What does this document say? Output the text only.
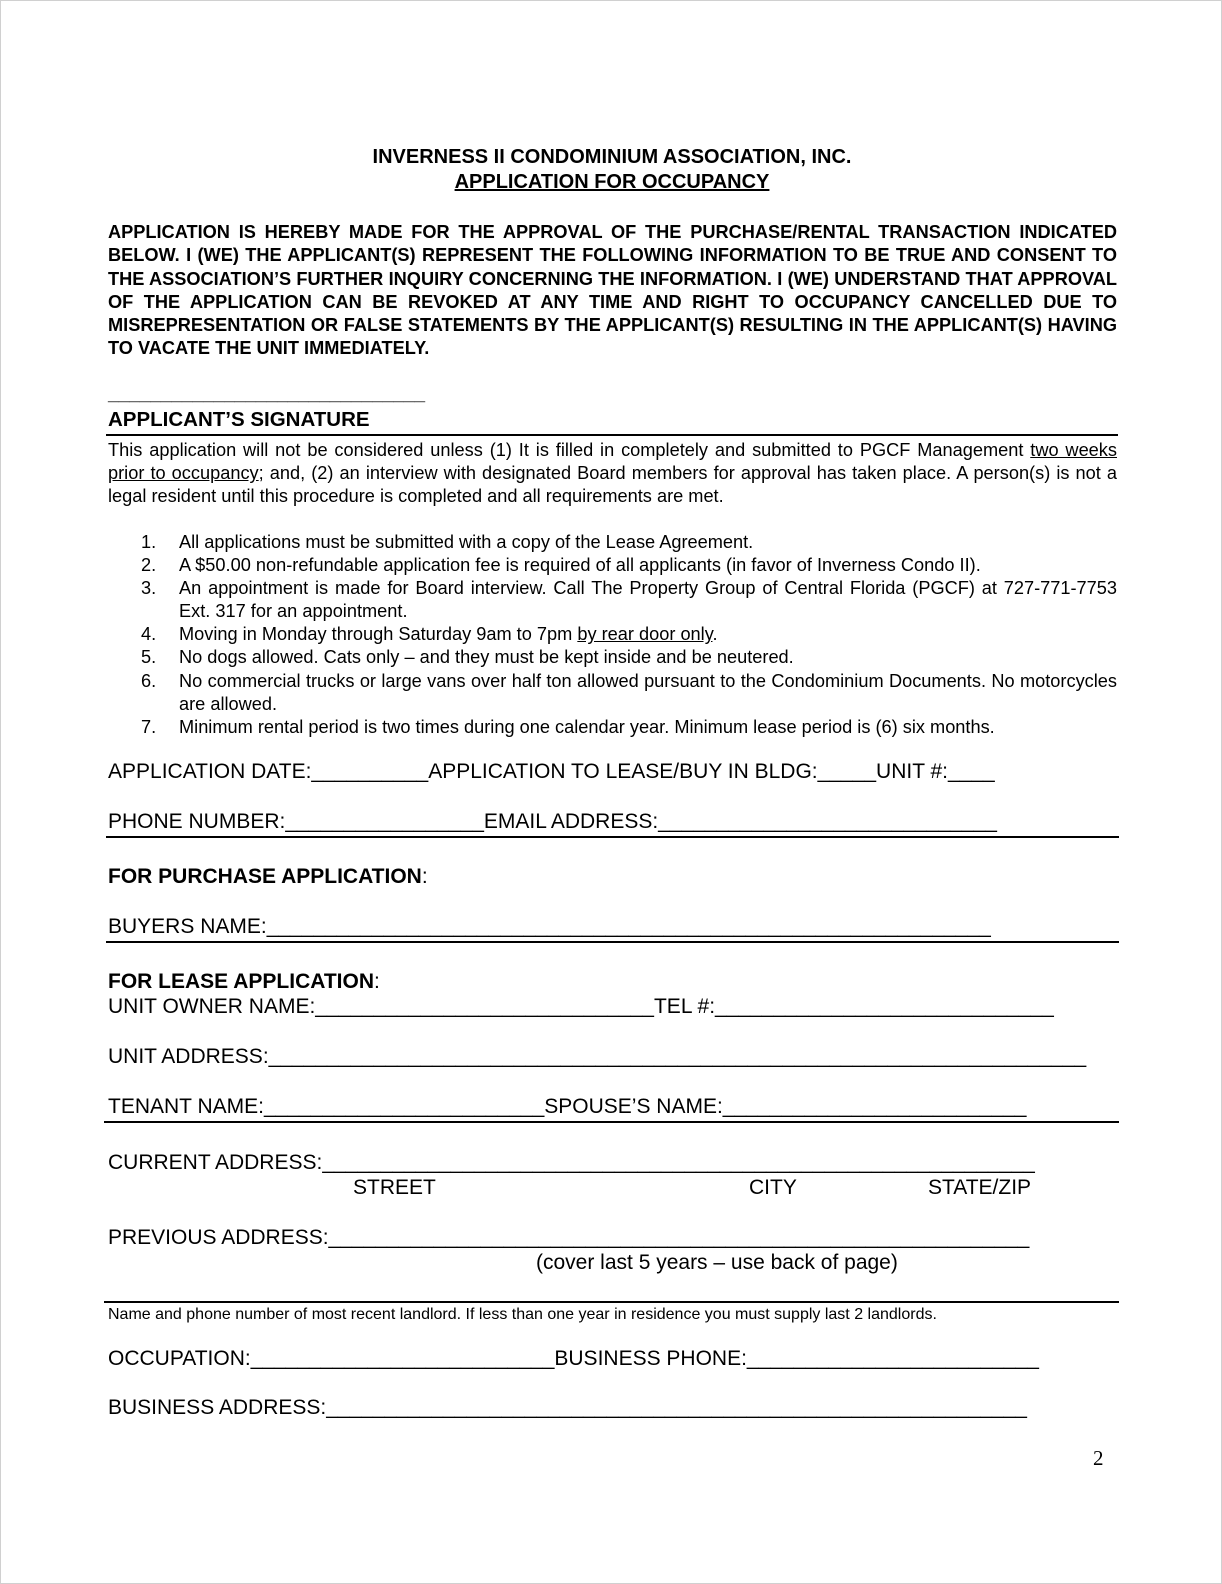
INVERNESS II CONDOMINIUM ASSOCIATION, INC.
APPLICATION FOR OCCUPANCY
APPLICATION IS HEREBY MADE FOR THE APPROVAL OF THE PURCHASE/RENTAL TRANSACTION INDICATED BELOW. I (WE) THE APPLICANT(S) REPRESENT THE FOLLOWING INFORMATION TO BE TRUE AND CONSENT TO THE ASSOCIATION’S FURTHER INQUIRY CONCERNING THE INFORMATION. I (WE) UNDERSTAND THAT APPROVAL OF THE APPLICATION CAN BE REVOKED AT ANY TIME AND RIGHT TO OCCUPANCY CANCELLED DUE TO MISREPRESENTATION OR FALSE STATEMENTS BY THE APPLICANT(S) RESULTING IN THE APPLICANT(S) HAVING TO VACATE THE UNIT IMMEDIATELY.
______________________________
APPLICANT’S SIGNATURE
This application will not be considered unless (1) It is filled in completely and submitted to PGCF Management two weeks prior to occupancy; and, (2) an interview with designated Board members for approval has taken place. A person(s) is not a legal resident until this procedure is completed and all requirements are met.
1. All applications must be submitted with a copy of the Lease Agreement.
2. A $50.00 non-refundable application fee is required of all applicants (in favor of Inverness Condo II).
3. An appointment is made for Board interview. Call The Property Group of Central Florida (PGCF) at 727-771-7753 Ext. 317 for an appointment.
4. Moving in Monday through Saturday 9am to 7pm by rear door only.
5. No dogs allowed. Cats only – and they must be kept inside and be neutered.
6. No commercial trucks or large vans over half ton allowed pursuant to the Condominium Documents. No motorcycles are allowed.
7. Minimum rental period is two times during one calendar year. Minimum lease period is (6) six months.
APPLICATION DATE:__________APPLICATION TO LEASE/BUY IN BLDG:_____UNIT #:____
PHONE NUMBER:_________________EMAIL ADDRESS:_____________________________
FOR PURCHASE APPLICATION:
BUYERS NAME:______________________________________________________________
FOR LEASE APPLICATION:
UNIT OWNER NAME:_____________________________TEL #:_____________________________
UNIT ADDRESS:______________________________________________________________________
TENANT NAME:________________________SPOUSE’S NAME:__________________________
CURRENT ADDRESS:_____________________________________________________________
STREET	CITY	STATE/ZIP
PREVIOUS ADDRESS:____________________________________________________________
(cover last 5 years – use back of page)
Name and phone number of most recent landlord. If less than one year in residence you must supply last 2 landlords.
OCCUPATION:__________________________BUSINESS PHONE:_________________________
BUSINESS ADDRESS:____________________________________________________________
2
